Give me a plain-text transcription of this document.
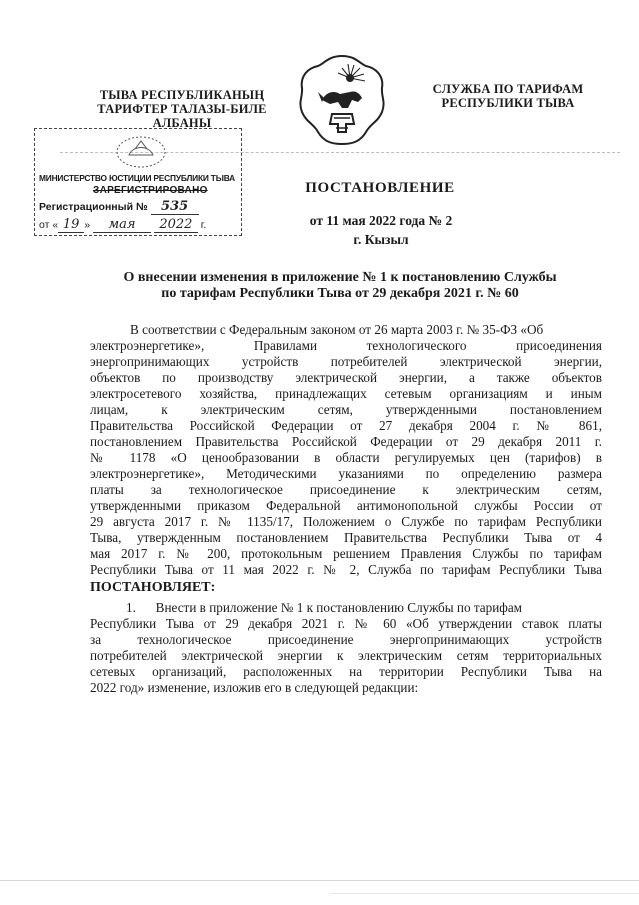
ТЫВА РЕСПУБЛИКАНЫҢ
ТАРИФТЕР ТАЛАЗЫ-БИЛЕ
АЛБАНЫ
СЛУЖБА ПО ТАРИФАМ
РЕСПУБЛИКИ ТЫВА
МИНИСТЕРСТВО ЮСТИЦИИ РЕСПУБЛИКИ ТЫВА
ЗАРЕГИСТРИРОВАНО
Регистрационный № 535
от « 19 » мая 2022 г.
ПОСТАНОВЛЕНИЕ
от 11 мая 2022 года № 2
г. Кызыл
О внесении изменения в приложение № 1 к постановлению Службы
по тарифам Республики Тыва от 29 декабря 2021 г. № 60
В соответствии с Федеральным законом от 26 марта 2003 г. № 35-ФЗ «Об
электроэнергетике», Правилами технологического присоединения
энергопринимающих устройств потребителей электрической энергии,
объектов по производству электрической энергии, а также объектов
электросетевого хозяйства, принадлежащих сетевым организациям и иным
лицам, к электрическим сетям, утвержденными постановлением
Правительства Российской Федерации от 27 декабря 2004 г. № 861,
постановлением Правительства Российской Федерации от 29 декабря 2011 г.
№ 1178 «О ценообразовании в области регулируемых цен (тарифов) в
электроэнергетике», Методическими указаниями по определению размера
платы за технологическое присоединение к электрическим сетям,
утвержденными приказом Федеральной антимонопольной службы России от
29 августа 2017 г. № 1135/17, Положением о Службе по тарифам Республики
Тыва, утвержденным постановлением Правительства Республики Тыва от 4
мая 2017 г. № 200, протокольным решением Правления Службы по тарифам
Республики Тыва от 11 мая 2022 г. № 2, Служба по тарифам Республики Тыва
ПОСТАНОВЛЯЕТ:
1.      Внести в приложение № 1 к постановлению Службы по тарифам
Республики Тыва от 29 декабря 2021 г. № 60 «Об утверждении ставок платы
за технологическое присоединение энергопринимающих устройств
потребителей электрической энергии к электрическим сетям территориальных
сетевых организаций, расположенных на территории Республики Тыва на
2022 год» изменение, изложив его в следующей редакции:
